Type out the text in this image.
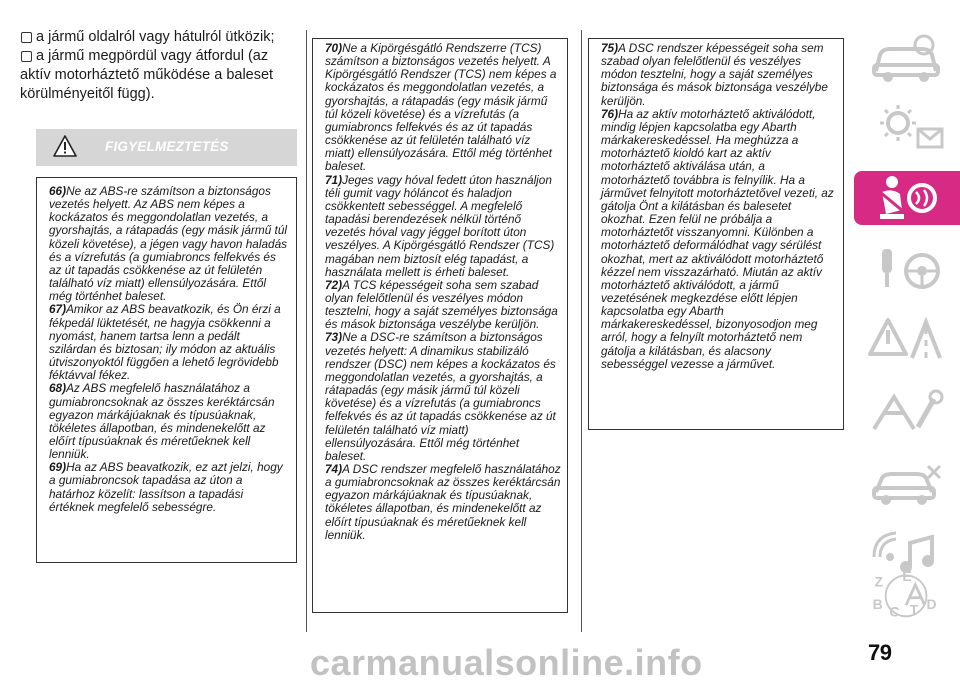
a jármű oldalról vagy hátulról ütközik;
a jármű megpördül vagy átfordul (az
aktív motorháztető működése a baleset
körülményeitől függ).
FIGYELMEZTETÉS

66)Ne az ABS-re számítson a biztonságos vezetés helyett. Az ABS nem képes a kockázatos és meggondolatlan vezetés, a gyorshajtás, a rátapadás (egy másik jármű túl közeli követése), a jégen vagy havon haladás és a vízrefutás (a gumiabroncs felfekvés és az út tapadás csökkenése az út felületén található víz miatt) ellensúlyozására. Ettől még történhet baleset.

67)Amikor az ABS beavatkozik, és Ön érzi a fékpedál lüktetését, ne hagyja csökkenni a nyomást, hanem tartsa lenn a pedált szilárdan és biztosan; ily módon az aktuális útviszonyoktól függően a lehető legrövidebb féktávval fékez.

68)Az ABS megfelelő használatához a gumiabroncsoknak az összes keréktárcsán egyazon márkájúaknak és típusúaknak, tökéletes állapotban, és mindenekelőtt az előírt típusúaknak és méretűeknek kell lenniük.

69)Ha az ABS beavatkozik, ez azt jelzi, hogy a gumiabroncsok tapadása az úton a határhoz közelít: lassítson a tapadási értéknek megfelelő sebességre.

70)Ne a Kipörgésgátló Rendszerre (TCS) számítson a biztonságos vezetés helyett. A Kipörgésgátló Rendszer (TCS) nem képes a kockázatos és meggondolatlan vezetés, a gyorshajtás, a rátapadás (egy másik jármű túl közeli követése) és a vízrefutás (a gumiabroncs felfekvés és az út tapadás csökkenése az út felületén található víz miatt) ellensúlyozására. Ettől még történhet baleset.

71)Jeges vagy hóval fedett úton használjon téli gumit vagy hóláncot és haladjon csökkentett sebességgel. A megfelelő tapadási berendezések nélkül történő vezetés hóval vagy jéggel borított úton veszélyes. A Kipörgésgátló Rendszer (TCS) magában nem biztosít elég tapadást, a használata mellett is érheti baleset.

72)A TCS képességeit soha sem szabad olyan felelőtlenül és veszélyes módon tesztelni, hogy a saját személyes biztonsága és mások biztonsága veszélybe kerüljön.

73)Ne a DSC-re számítson a biztonságos vezetés helyett: A dinamikus stabilizáló rendszer (DSC) nem képes a kockázatos és meggondolatlan vezetés, a gyorshajtás, a rátapadás (egy másik jármű túl közeli követése) és a vízrefutás (a gumiabroncs felfekvés és az út tapadás csökkenése az út felületén található víz miatt) ellensúlyozására. Ettől még történhet baleset.

74)A DSC rendszer megfelelő használatához a gumiabroncsoknak az összes keréktárcsán egyazon márkájúaknak és típusúaknak, tökéletes állapotban, és mindenekelőtt az előírt típusúaknak és méretűeknek kell lenniük.

75)A DSC rendszer képességeit soha sem szabad olyan felelőtlenül és veszélyes módon tesztelni, hogy a saját személyes biztonsága és mások biztonsága veszélybe kerüljön.

76)Ha az aktív motorháztető aktiválódott, mindig lépjen kapcsolatba egy Abarth márkakereskedéssel. Ha meghúzza a motorháztető kioldó kart az aktív motorháztető aktiválása után, a motorháztető továbbra is felnyílik. Ha a járművet felnyitott motorháztetővel vezeti, az gátolja Önt a kilátásban és balesetet okozhat. Ezen felül ne próbálja a motorháztetőt visszanyomni. Különben a motorháztető deformálódhat vagy sérülést okozhat, mert az aktiválódott motorháztető kézzel nem visszazárható. Miután az aktív motorháztető aktiválódott, a jármű vezetésének megkezdése előtt lépjen kapcsolatba egy Abarth márkakereskedéssel, bizonyosodjon meg arról, hogy a felnyílt motorháztető nem gátolja a kilátásban, és alacsony sebességgel vezesse a járművet.

Z E
B C T D
79
carmanualsonline.info
